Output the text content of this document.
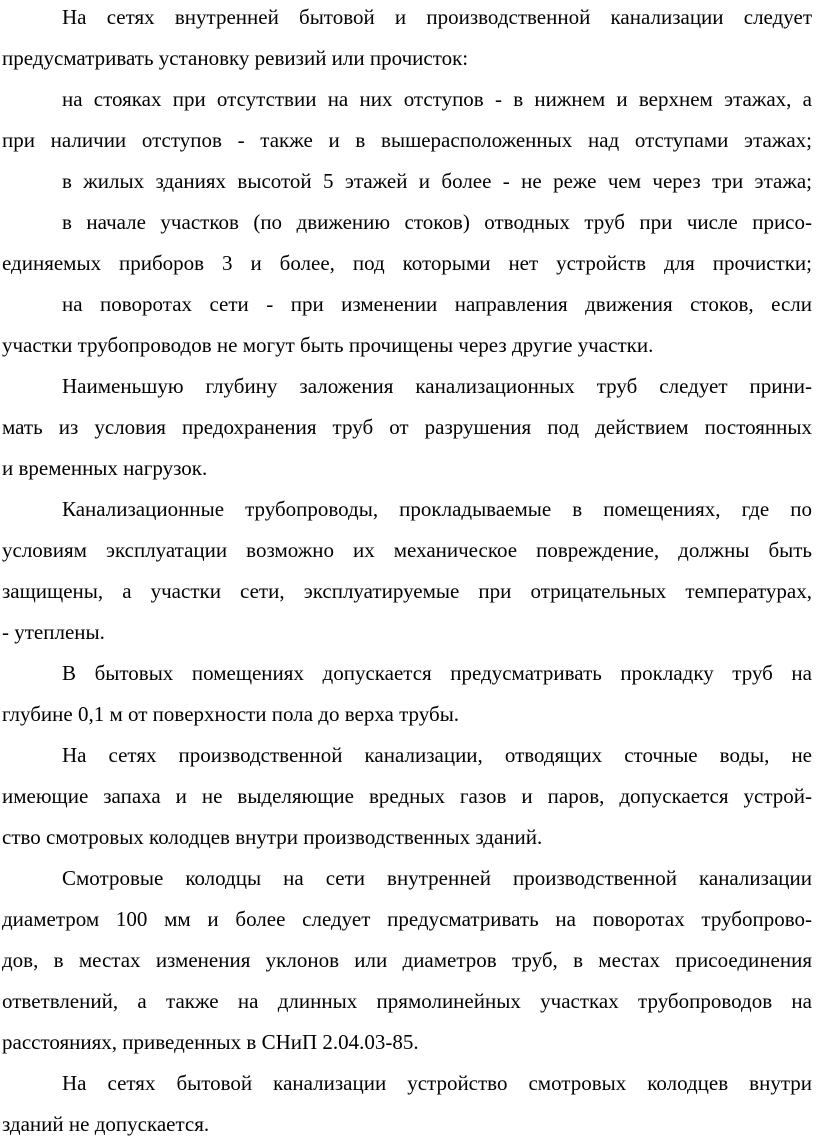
На сетях внутренней бытовой и производственной канализации следует
предусматривать установку ревизий или прочисток:
на стояках при отсутствии на них отступов - в нижнем и верхнем этажах, а
при наличии отступов - также и в вышерасположенных над отступами этажах;
в жилых зданиях высотой 5 этажей и более - не реже чем через три этажа;
в начале участков (по движению стоков) отводных труб при числе присо-
единяемых приборов 3 и более, под которыми нет устройств для прочистки;
на поворотах сети - при изменении направления движения стоков, если
участки трубопроводов не могут быть прочищены через другие участки.
Наименьшую глубину заложения канализационных труб следует прини-
мать из условия предохранения труб от разрушения под действием постоянных
и временных нагрузок.
Канализационные трубопроводы, прокладываемые в помещениях, где по
условиям эксплуатации возможно их механическое повреждение, должны быть
защищены, а участки сети, эксплуатируемые при отрицательных температурах,
- утеплены.
В бытовых помещениях допускается предусматривать прокладку труб на
глубине 0,1 м от поверхности пола до верха трубы.
На сетях производственной канализации, отводящих сточные воды, не
имеющие запаха и не выделяющие вредных газов и паров, допускается устрой-
ство смотровых колодцев внутри производственных зданий.
Смотровые колодцы на сети внутренней производственной канализации
диаметром 100 мм и более следует предусматривать на поворотах трубопрово-
дов, в местах изменения уклонов или диаметров труб, в местах присоединения
ответвлений, а также на длинных прямолинейных участках трубопроводов на
расстояниях, приведенных в СНиП 2.04.03-85.
На сетях бытовой канализации устройство смотровых колодцев внутри
зданий не допускается.
